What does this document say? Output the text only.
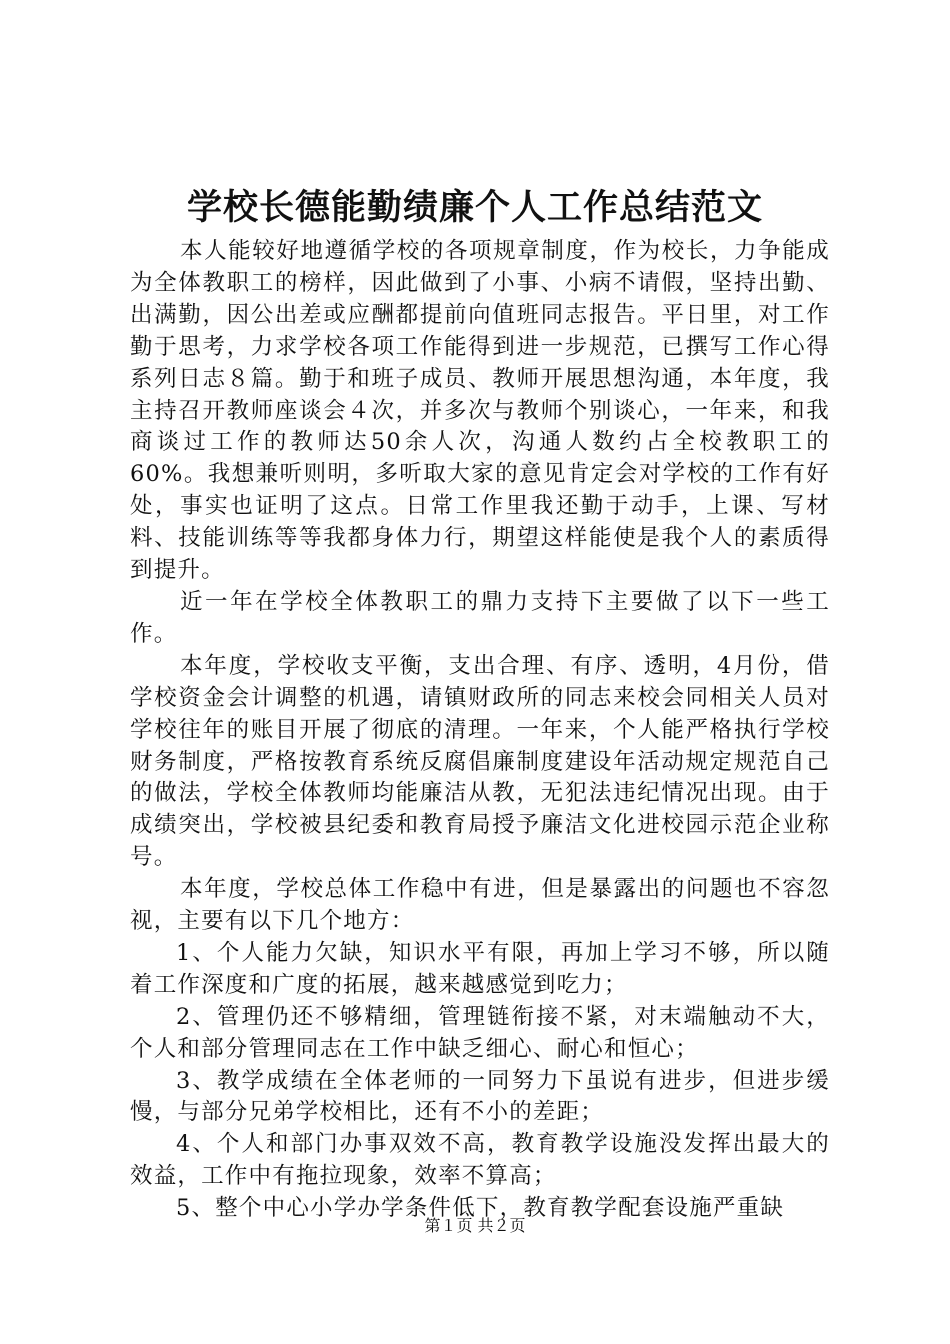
学校长德能勤绩廉个人工作总结范文

本人能较好地遵循学校的各项规章制度，作为校长，力争能成为全体教职工的榜样，因此做到了小事、小病不请假，坚持出勤、出满勤，因公出差或应酬都提前向值班同志报告。平日里，对工作勤于思考，力求学校各项工作能得到进一步规范，已撰写工作心得系列日志８篇。勤于和班子成员、教师开展思想沟通，本年度，我主持召开教师座谈会４次，并多次与教师个别谈心，一年来，和我商谈过工作的教师达50余人次，沟通人数约占全校教职工的60%。我想兼听则明，多听取大家的意见肯定会对学校的工作有好处，事实也证明了这点。日常工作里我还勤于动手，上课、写材料、技能训练等等我都身体力行，期望这样能使是我个人的素质得到提升。

近一年在学校全体教职工的鼎力支持下主要做了以下一些工作。

本年度，学校收支平衡，支出合理、有序、透明，4月份，借学校资金会计调整的机遇，请镇财政所的同志来校会同相关人员对学校往年的账目开展了彻底的清理。一年来，个人能严格执行学校财务制度，严格按教育系统反腐倡廉制度建设年活动规定规范自己的做法，学校全体教师均能廉洁从教，无犯法违纪情况出现。由于成绩突出，学校被县纪委和教育局授予廉洁文化进校园示范企业称号。

本年度，学校总体工作稳中有进，但是暴露出的问题也不容忽视，主要有以下几个地方：

1、个人能力欠缺，知识水平有限，再加上学习不够，所以随着工作深度和广度的拓展，越来越感觉到吃力；

2、管理仍还不够精细，管理链衔接不紧，对末端触动不大，个人和部分管理同志在工作中缺乏细心、耐心和恒心；

3、教学成绩在全体老师的一同努力下虽说有进步，但进步缓慢，与部分兄弟学校相比，还有不小的差距；

4、个人和部门办事双效不高，教育教学设施没发挥出最大的效益，工作中有拖拉现象，效率不算高；

5、整个中心小学办学条件低下，教育教学配套设施严重缺

第１页 共２页
